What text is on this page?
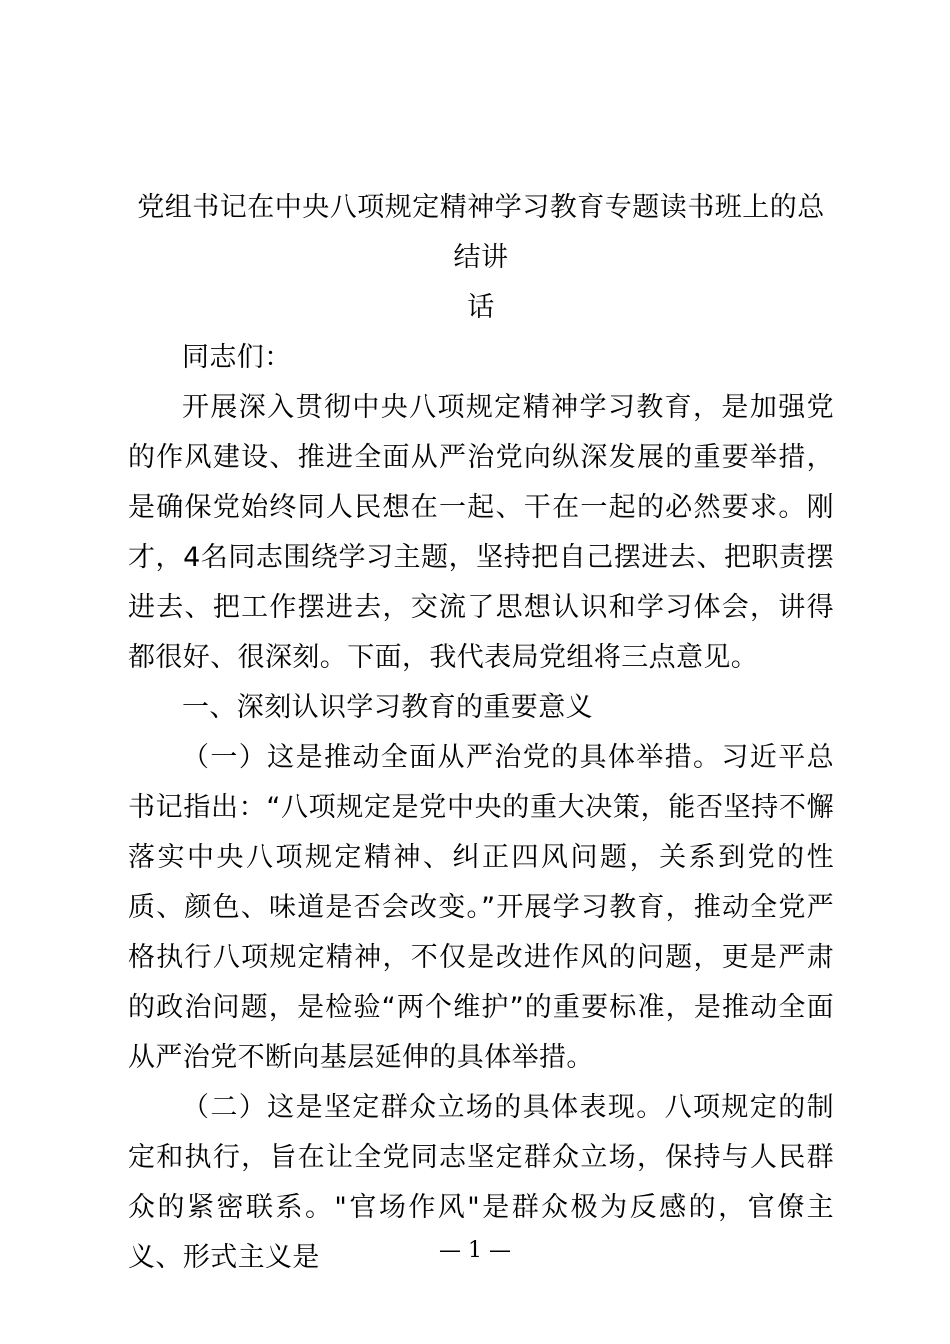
党组书记在中央八项规定精神学习教育专题读书班上的总结讲
话

同志们：

开展深入贯彻中央八项规定精神学习教育，是加强党的作风建设、推进全面从严治党向纵深发展的重要举措，是确保党始终同人民想在一起、干在一起的必然要求。刚才，4名同志围绕学习主题，坚持把自己摆进去、把职责摆进去、把工作摆进去，交流了思想认识和学习体会，讲得都很好、很深刻。下面，我代表局党组将三点意见。

一、深刻认识学习教育的重要意义

（一）这是推动全面从严治党的具体举措。习近平总书记指出：“八项规定是党中央的重大决策，能否坚持不懈落实中央八项规定精神、纠正四风问题，关系到党的性质、颜色、味道是否会改变。”开展学习教育，推动全党严格执行八项规定精神，不仅是改进作风的问题，更是严肃的政治问题，是检验“两个维护”的重要标准，是推动全面从严治党不断向基层延伸的具体举措。

（二）这是坚定群众立场的具体表现。八项规定的制定和执行，旨在让全党同志坚定群众立场，保持与人民群众的紧密联系。"官场作风"是群众极为反感的，官僚主义、形式主义是	— 1 —
